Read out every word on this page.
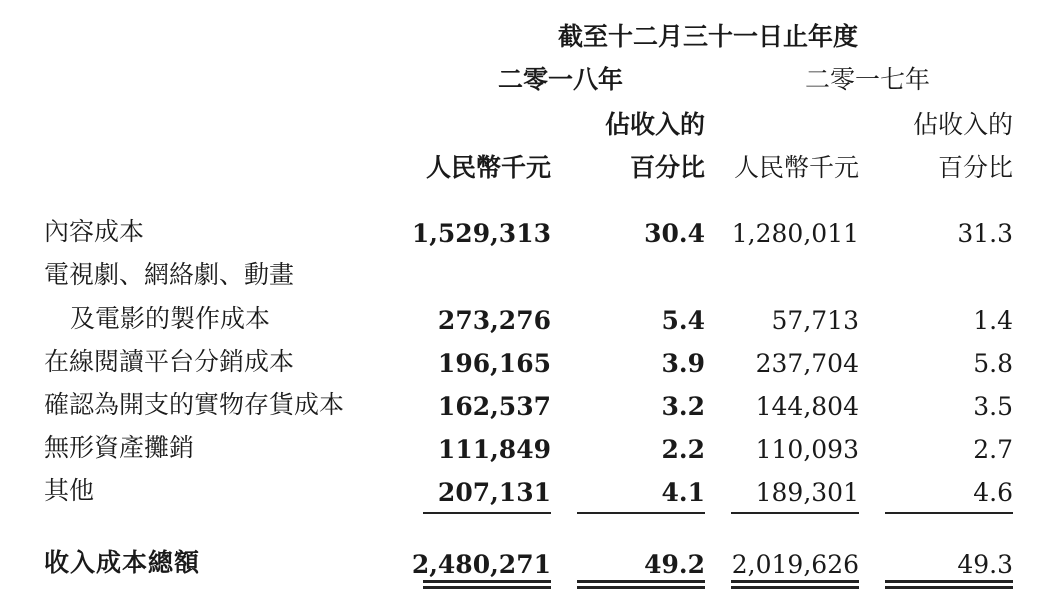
截至十二月三十一日止年度
二零一八年	二零一七年
佔收入的	佔收入的
人民幣千元	百分比 人民幣千元	百分比
內容成本	1,529,313	30.4 1,280,011	31.3
電視劇、網絡劇、動畫
及電影的製作成本	273,276	5.4	57,713	1.4
在線閱讀平台分銷成本	196,165	3.9 237,704	5.8
確認為開支的實物存貨成本	162,537	3.2 144,804	3.5
無形資產攤銷	111,849	2.2 110,093	2.7
其他	207,131	4.1 189,301	4.6
收入成本總額	2,480,271	49.2 2,019,626	49.3
